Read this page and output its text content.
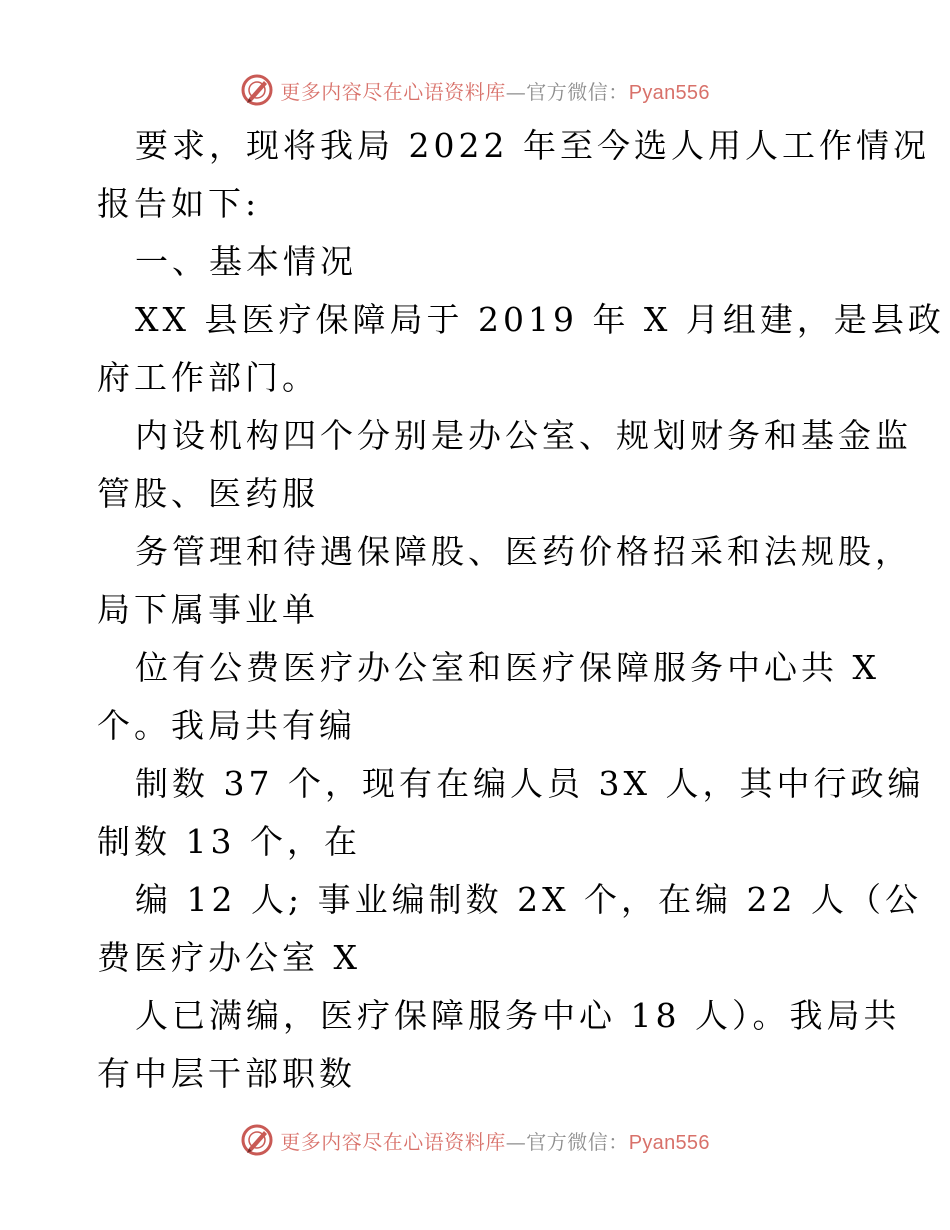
更多内容尽在心语资料库 —官方微信： Pyan556
要求，现将我局 2022 年至今选人用人工作情况
报告如下:
一、基本情况
XX 县医疗保障局于 2019 年 X 月组建，是县政
府工作部门。
内设机构四个分别是办公室、规划财务和基金监
管股、医药服
务管理和待遇保障股、医药价格招采和法规股，
局下属事业单
位有公费医疗办公室和医疗保障服务中心共 X
个。我局共有编
制数 37 个，现有在编人员 3X 人，其中行政编
制数 13 个，在
编 12 人; 事业编制数 2X 个，在编 22 人（公
费医疗办公室 X
人已满编，医疗保障服务中心 18 人）。我局共
有中层干部职数
更多内容尽在心语资料库 —官方微信： Pyan556
